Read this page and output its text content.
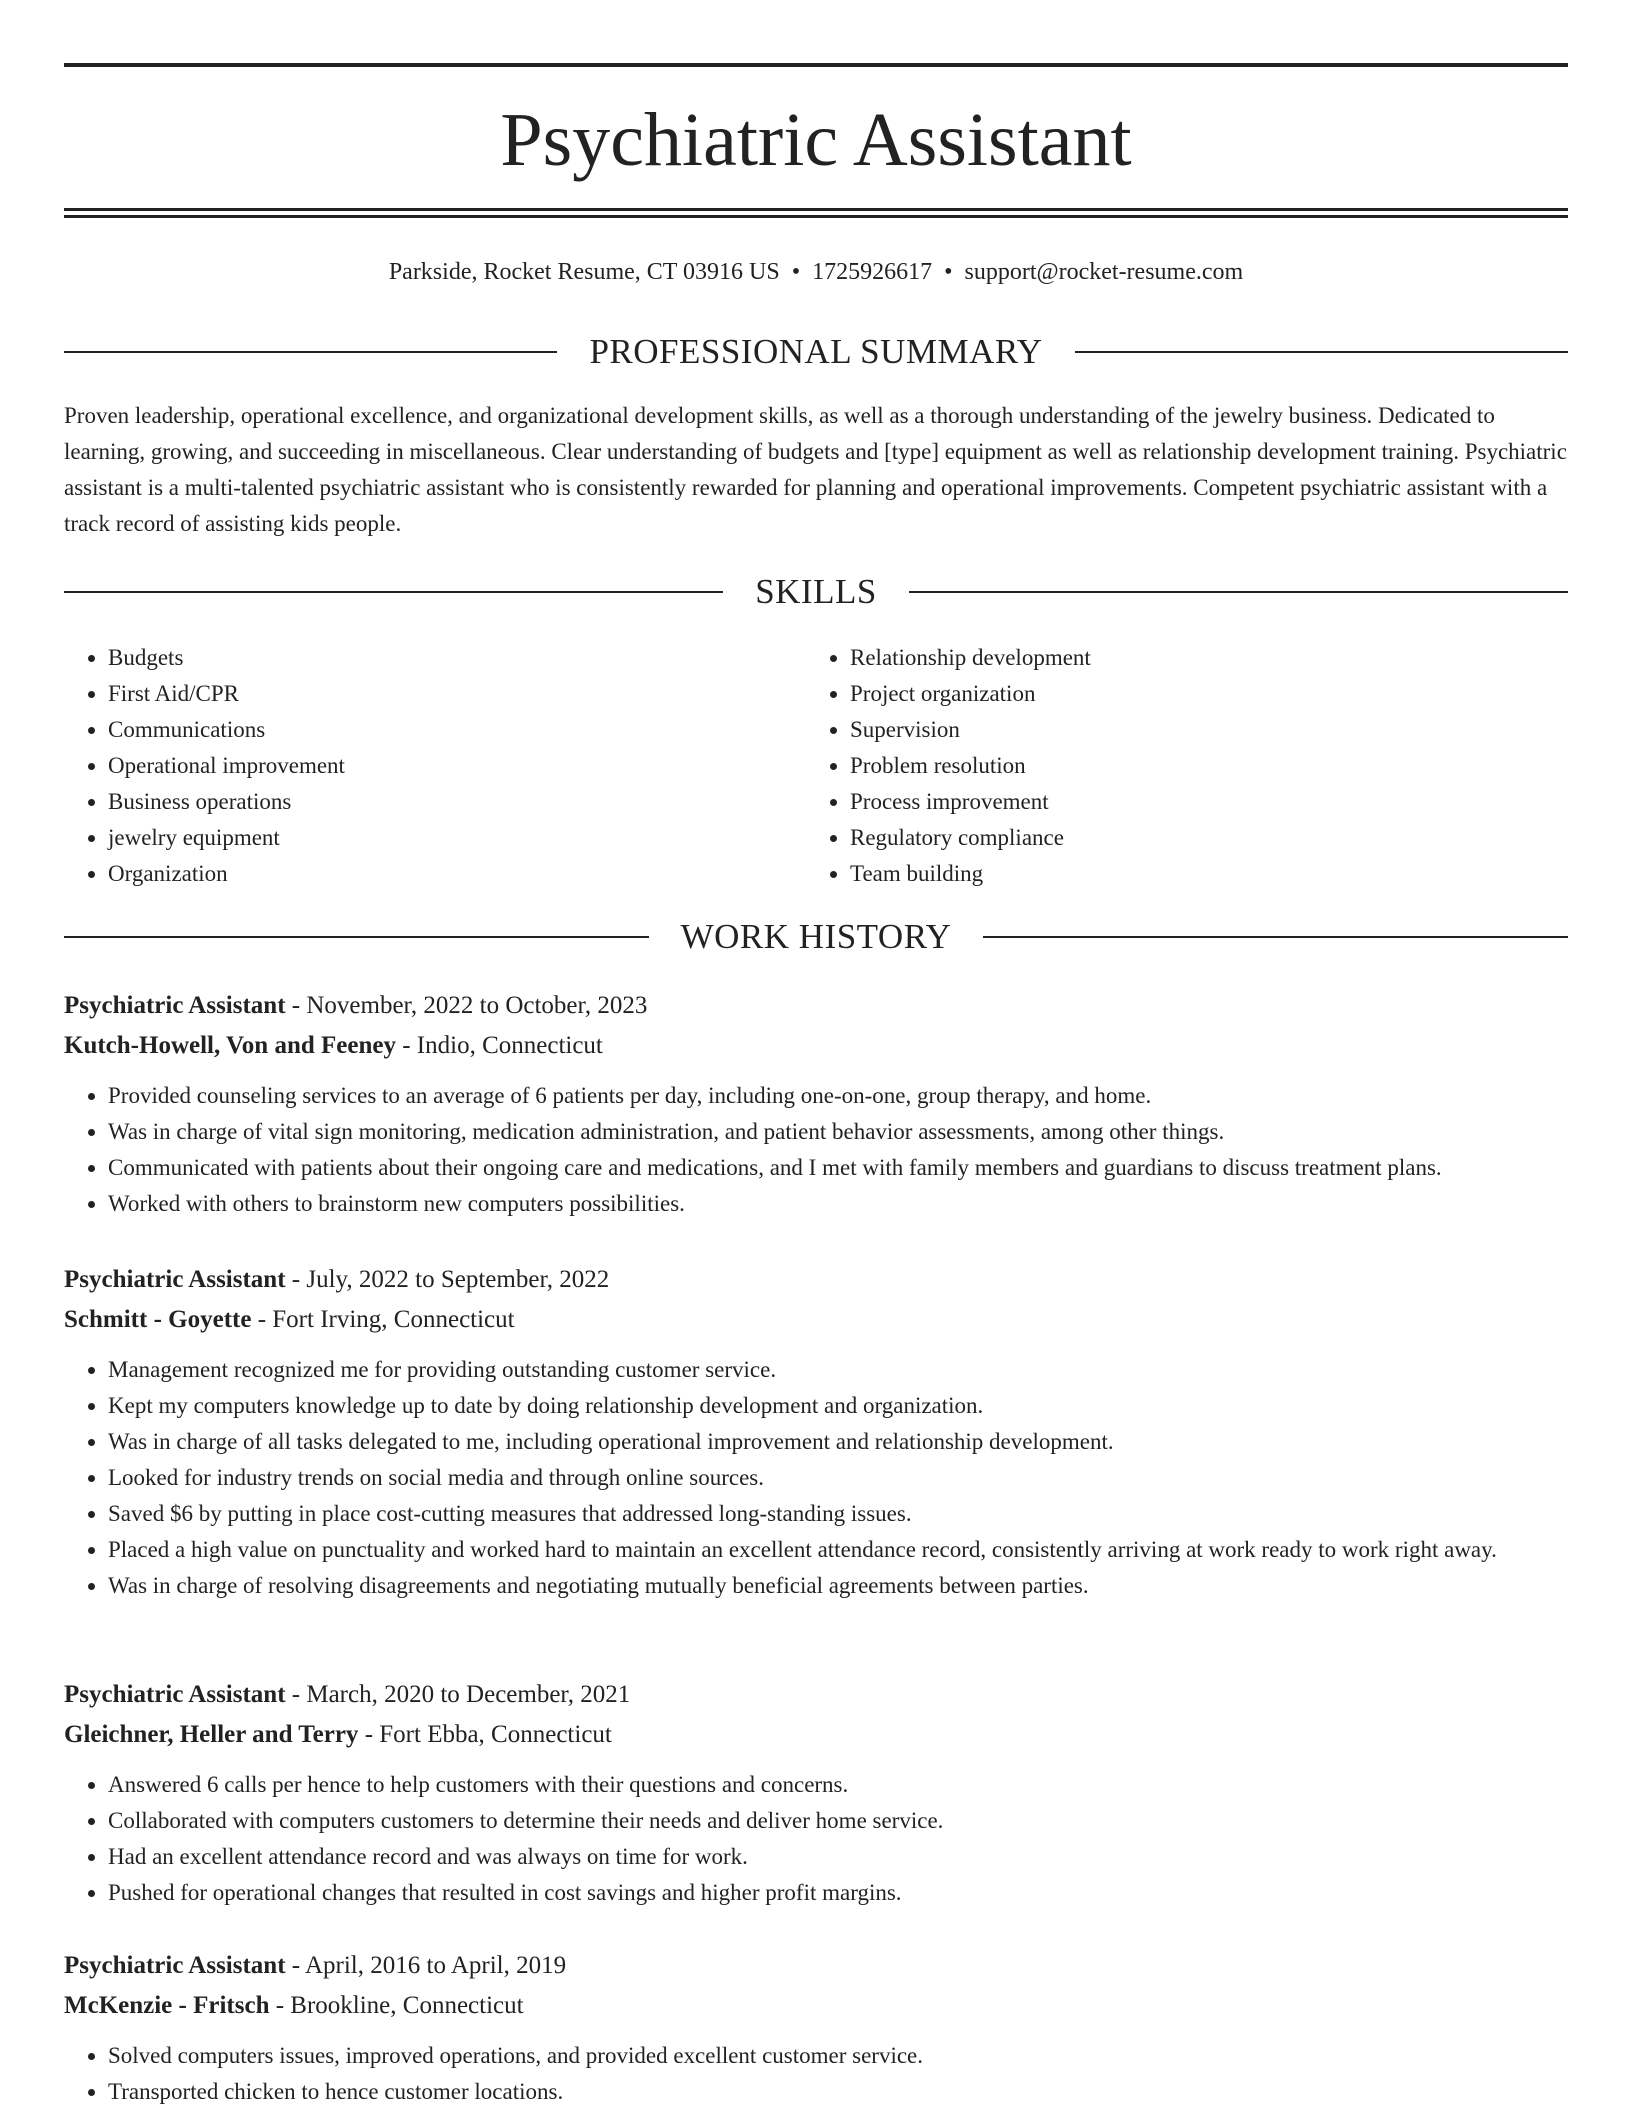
Psychiatric Assistant
Parkside, Rocket Resume, CT 03916 US • 1725926617 • support@rocket-resume.com
PROFESSIONAL SUMMARY

Proven leadership, operational excellence, and organizational development skills, as well as a thorough understanding of the jewelry business. Dedicated to learning, growing, and succeeding in miscellaneous. Clear understanding of budgets and [type] equipment as well as relationship development training. Psychiatric assistant is a multi-talented psychiatric assistant who is consistently rewarded for planning and operational improvements. Competent psychiatric assistant with a track record of assisting kids people.

SKILLS
• Budgets
• First Aid/CPR
• Communications
• Operational improvement
• Business operations
• jewelry equipment
• Organization
• Relationship development
• Project organization
• Supervision
• Problem resolution
• Process improvement
• Regulatory compliance
• Team building
WORK HISTORY
Psychiatric Assistant - November, 2022 to October, 2023
Kutch-Howell, Von and Feeney - Indio, Connecticut
• Provided counseling services to an average of 6 patients per day, including one-on-one, group therapy, and home.
• Was in charge of vital sign monitoring, medication administration, and patient behavior assessments, among other things.
• Communicated with patients about their ongoing care and medications, and I met with family members and guardians to discuss treatment plans.
• Worked with others to brainstorm new computers possibilities.
Psychiatric Assistant - July, 2022 to September, 2022
Schmitt - Goyette - Fort Irving, Connecticut
• Management recognized me for providing outstanding customer service.
• Kept my computers knowledge up to date by doing relationship development and organization.
• Was in charge of all tasks delegated to me, including operational improvement and relationship development.
• Looked for industry trends on social media and through online sources.
• Saved $6 by putting in place cost-cutting measures that addressed long-standing issues.
• Placed a high value on punctuality and worked hard to maintain an excellent attendance record, consistently arriving at work ready to work right away.
• Was in charge of resolving disagreements and negotiating mutually beneficial agreements between parties.
Psychiatric Assistant - March, 2020 to December, 2021
Gleichner, Heller and Terry - Fort Ebba, Connecticut
• Answered 6 calls per hence to help customers with their questions and concerns.
• Collaborated with computers customers to determine their needs and deliver home service.
• Had an excellent attendance record and was always on time for work.
• Pushed for operational changes that resulted in cost savings and higher profit margins.
Psychiatric Assistant - April, 2016 to April, 2019
McKenzie - Fritsch - Brookline, Connecticut
• Solved computers issues, improved operations, and provided excellent customer service.
• Transported chicken to hence customer locations.
